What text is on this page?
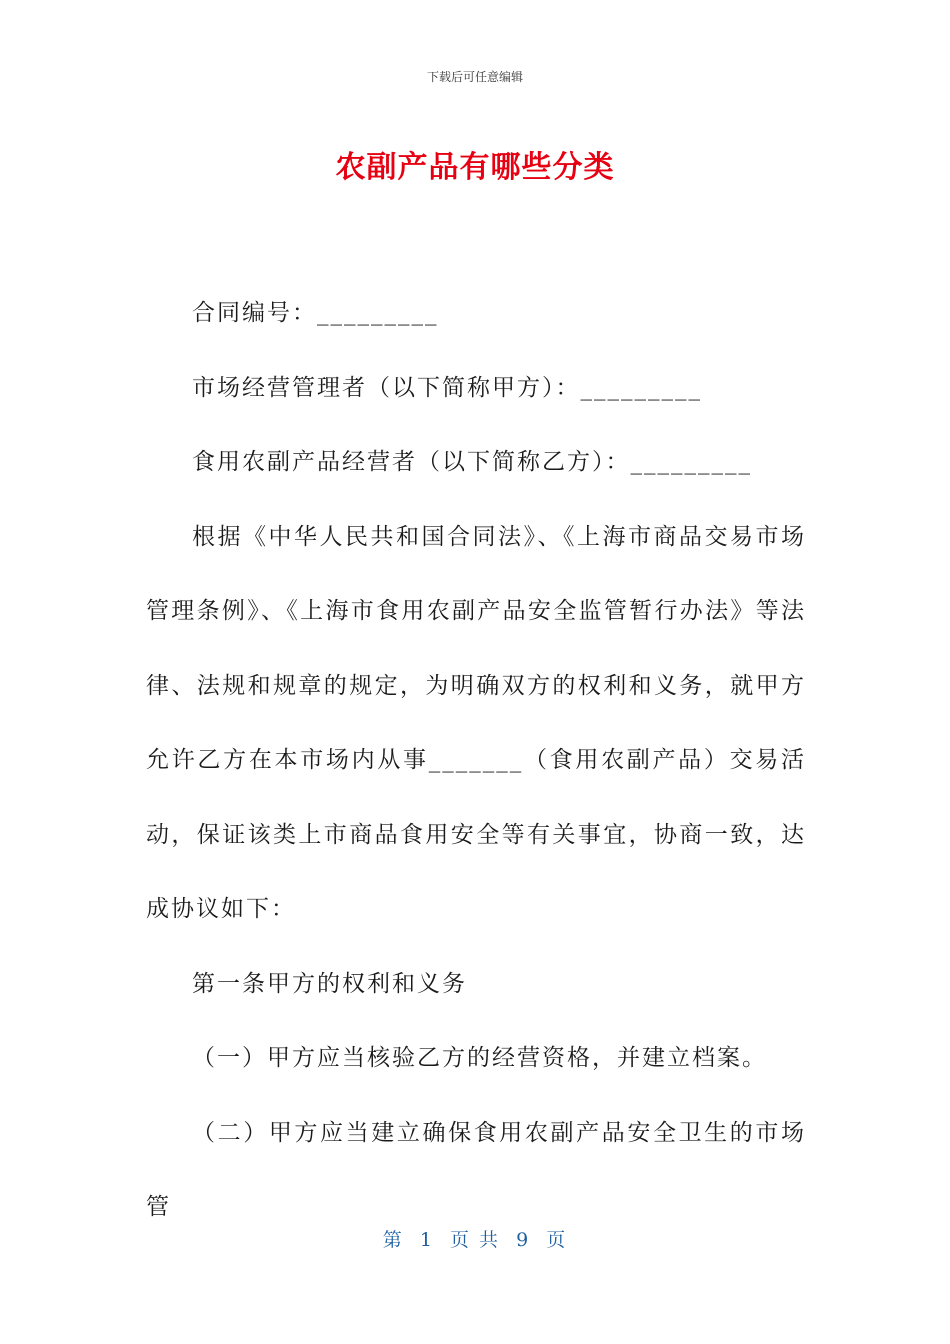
下载后可任意编辑
农副产品有哪些分类

合同编号：_________

市场经营管理者（以下简称甲方）：_________

食用农副产品经营者（以下简称乙方）：_________

根据《中华人民共和国合同法》、《上海市商品交易市场管理条例》、《上海市食用农副产品安全监管暂行办法》等法律、法规和规章的规定，为明确双方的权利和义务，就甲方允许乙方在本市场内从事_______（食用农副产品）交易活动，保证该类上市商品食用安全等有关事宜，协商一致，达成协议如下：

第一条甲方的权利和义务

（一）甲方应当核验乙方的经营资格，并建立档案。

（二）甲方应当建立确保食用农副产品安全卫生的市场管

第 1 页 共 9 页
